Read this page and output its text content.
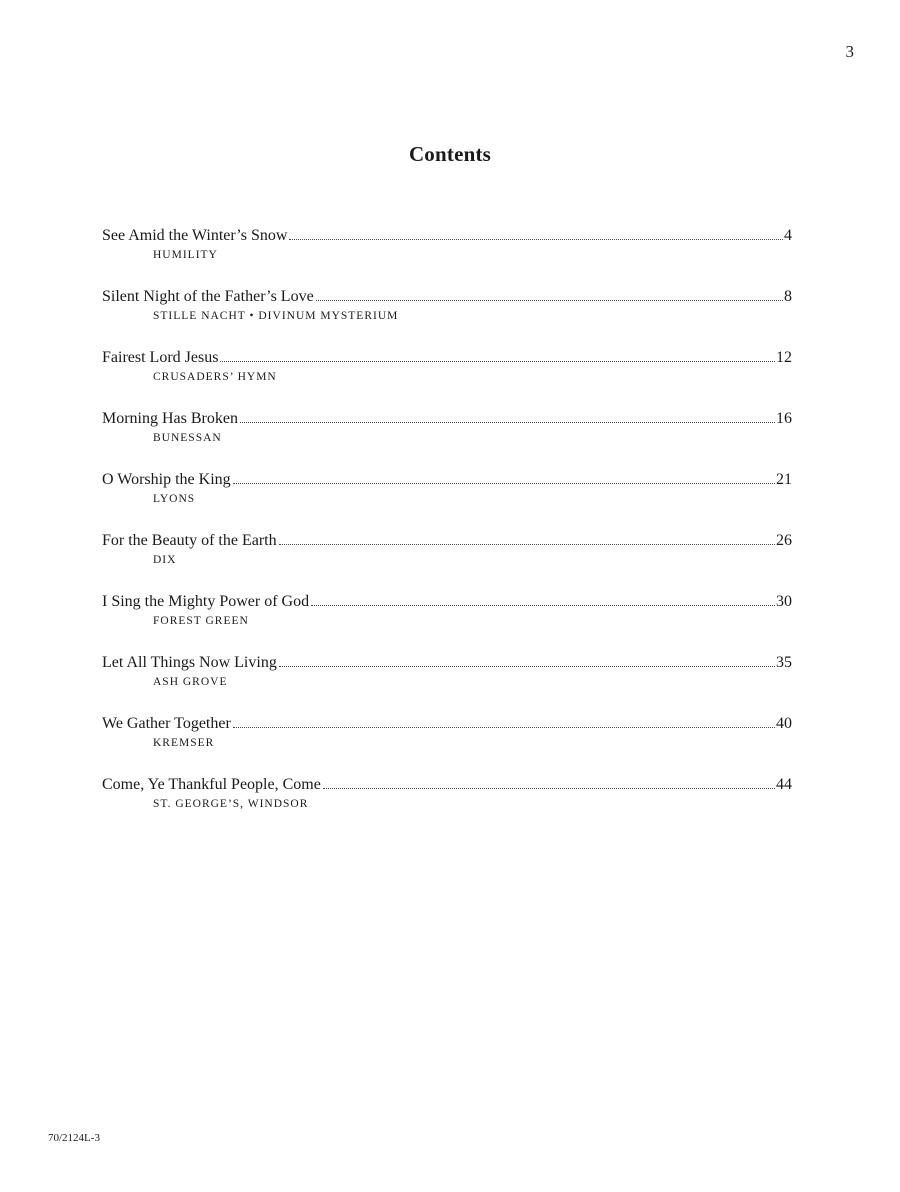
3
Contents
See Amid the Winter’s Snow	4
HUMILITY
Silent Night of the Father’s Love	8
STILLE NACHT • DIVINUM MYSTERIUM
Fairest Lord Jesus	12
CRUSADERS’ HYMN
Morning Has Broken	16
BUNESSAN
O Worship the King	21
LYONS
For the Beauty of the Earth	26
DIX
I Sing the Mighty Power of God	30
FOREST GREEN
Let All Things Now Living	35
ASH GROVE
We Gather Together	40
KREMSER
Come, Ye Thankful People, Come	44
ST. GEORGE’S, WINDSOR
70/2124L-3
